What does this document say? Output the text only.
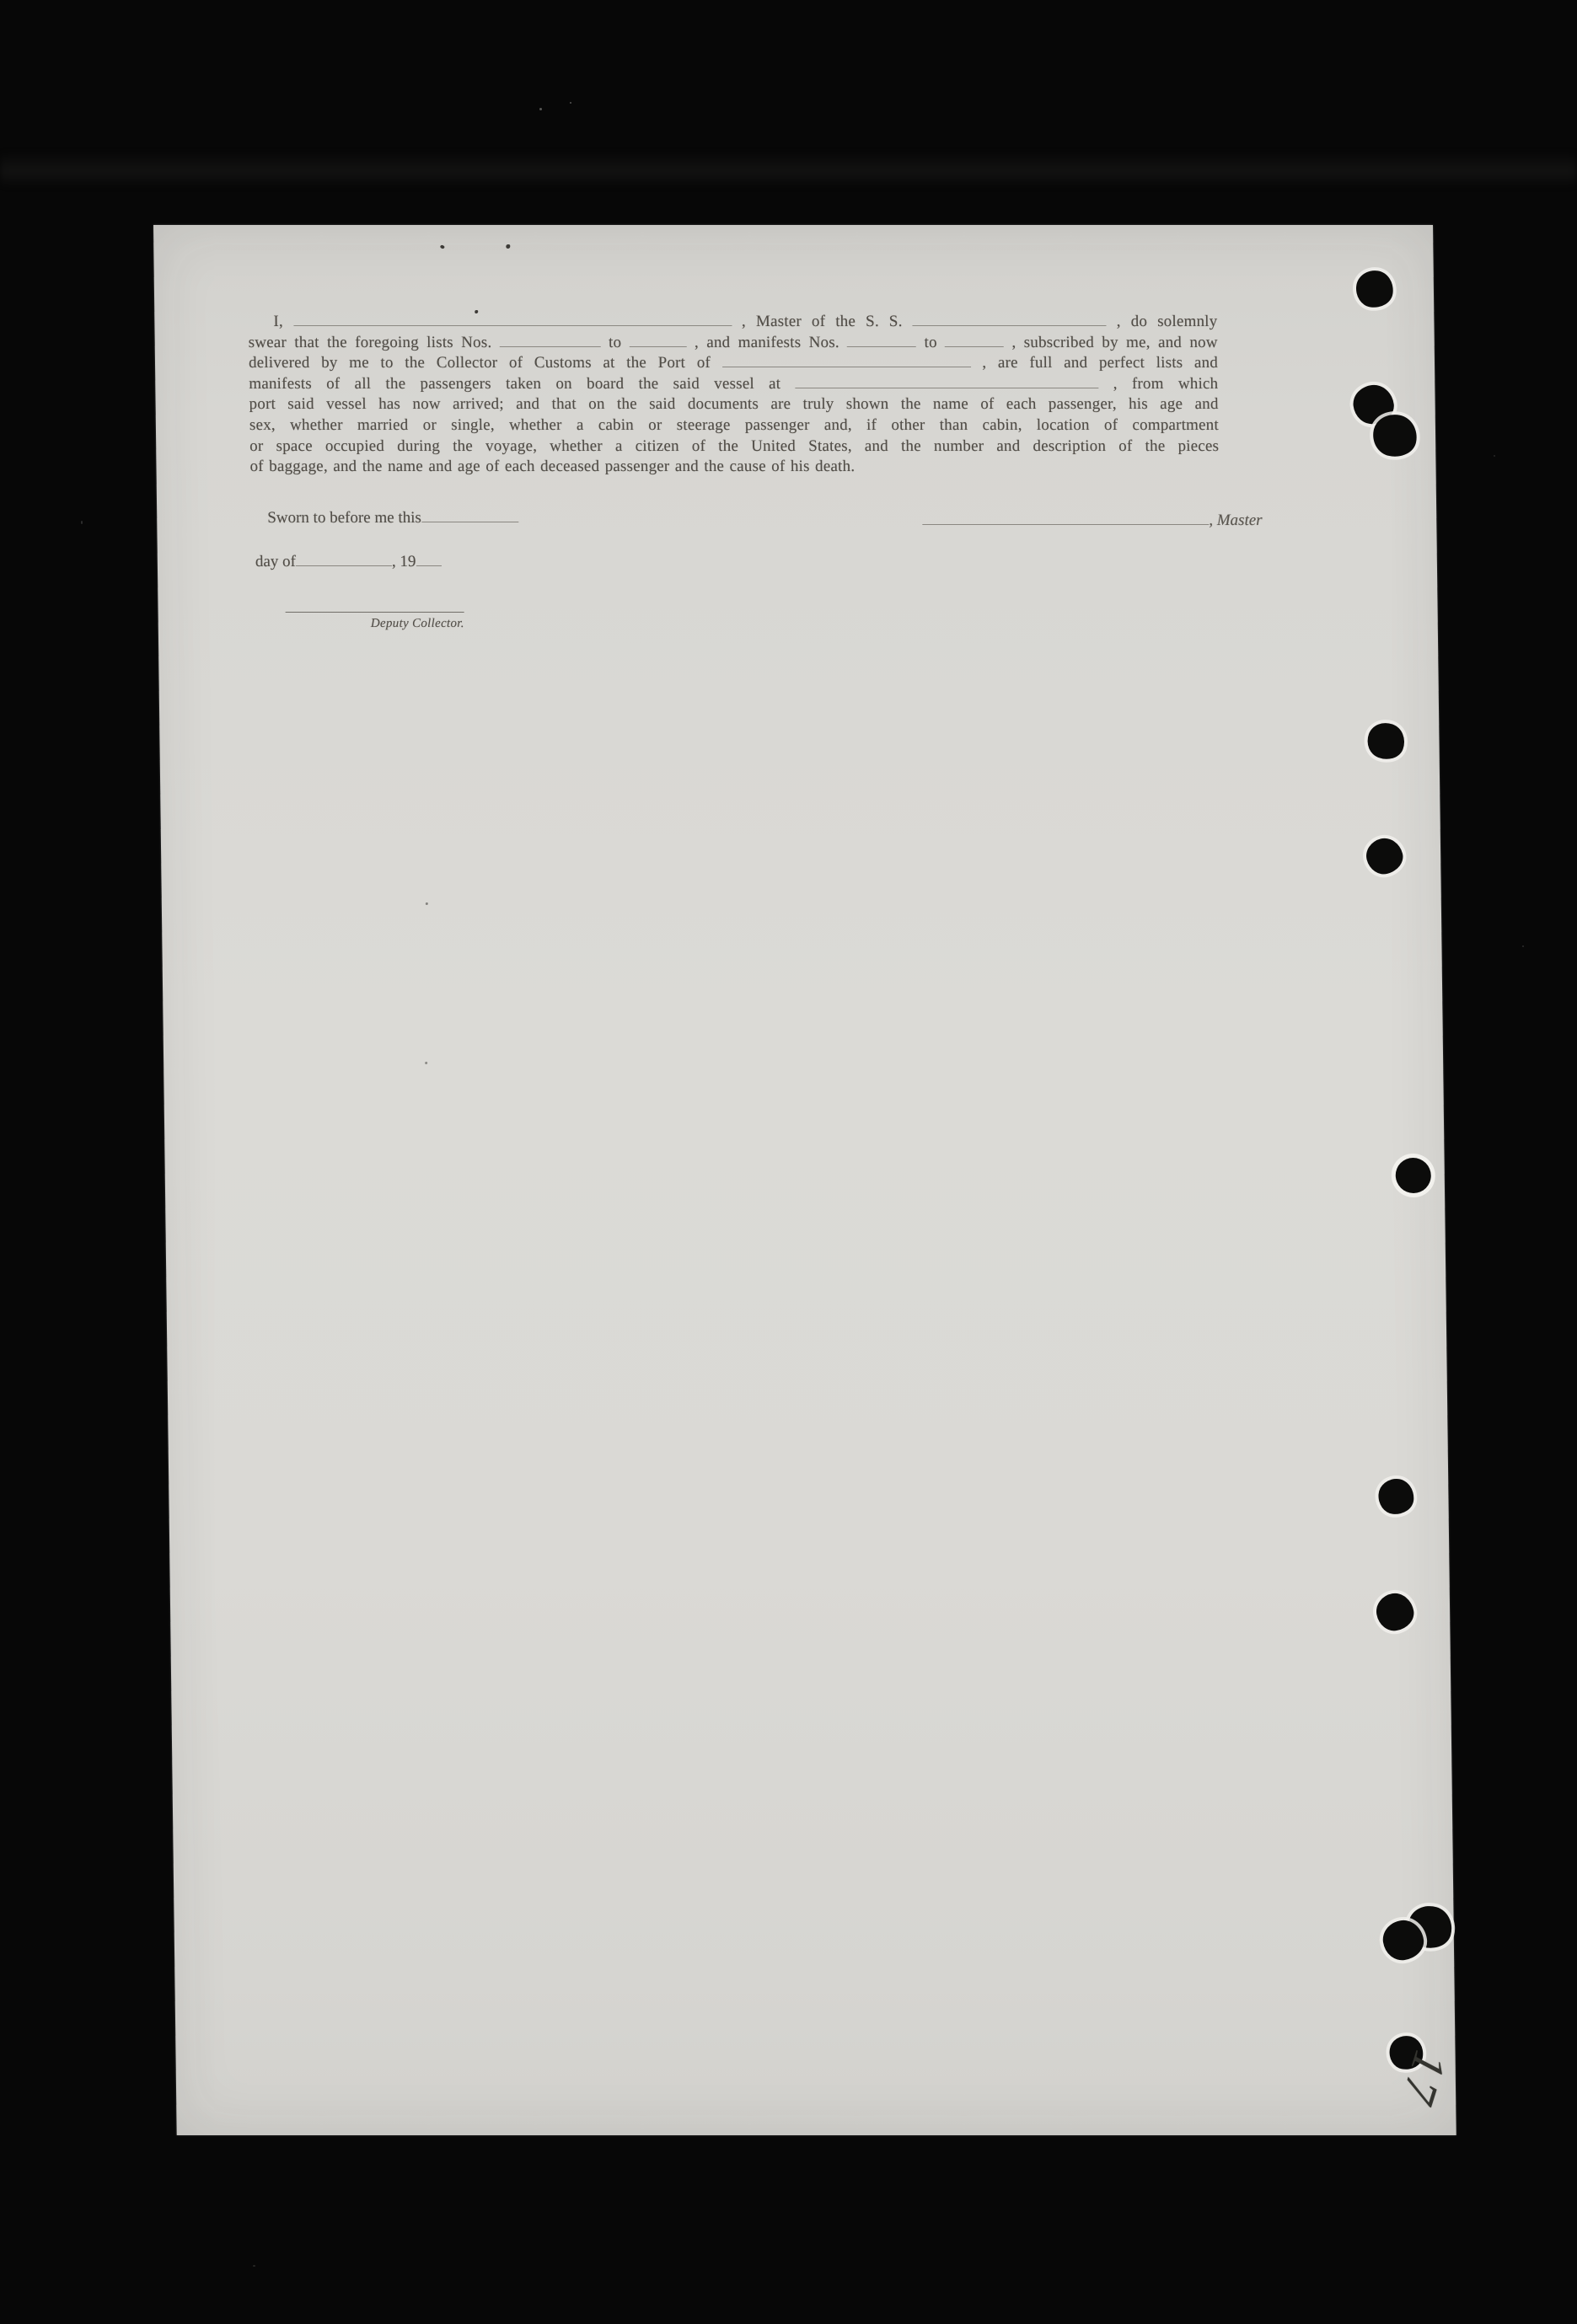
I,	, Master of the S. S.	, do solemnly
swear that the foregoing lists Nos.	to	, and manifests Nos.	to	, subscribed by me, and now
delivered by me to the Collector of Customs at the Port of	, are full and perfect lists and
manifests of all the passengers taken on board the said vessel at	, from which
port said vessel has now arrived; and that on the said documents are truly shown the name of each passenger, his age and
sex, whether married or single, whether a cabin or steerage passenger and, if other than cabin, location of compartment
or space occupied during the voyage, whether a citizen of the United States, and the number and description of the pieces
of baggage, and the name and age of each deceased passenger and the cause of his death.
Sworn to before me this	, Master
day of	, 19
Deputy Collector.
17
